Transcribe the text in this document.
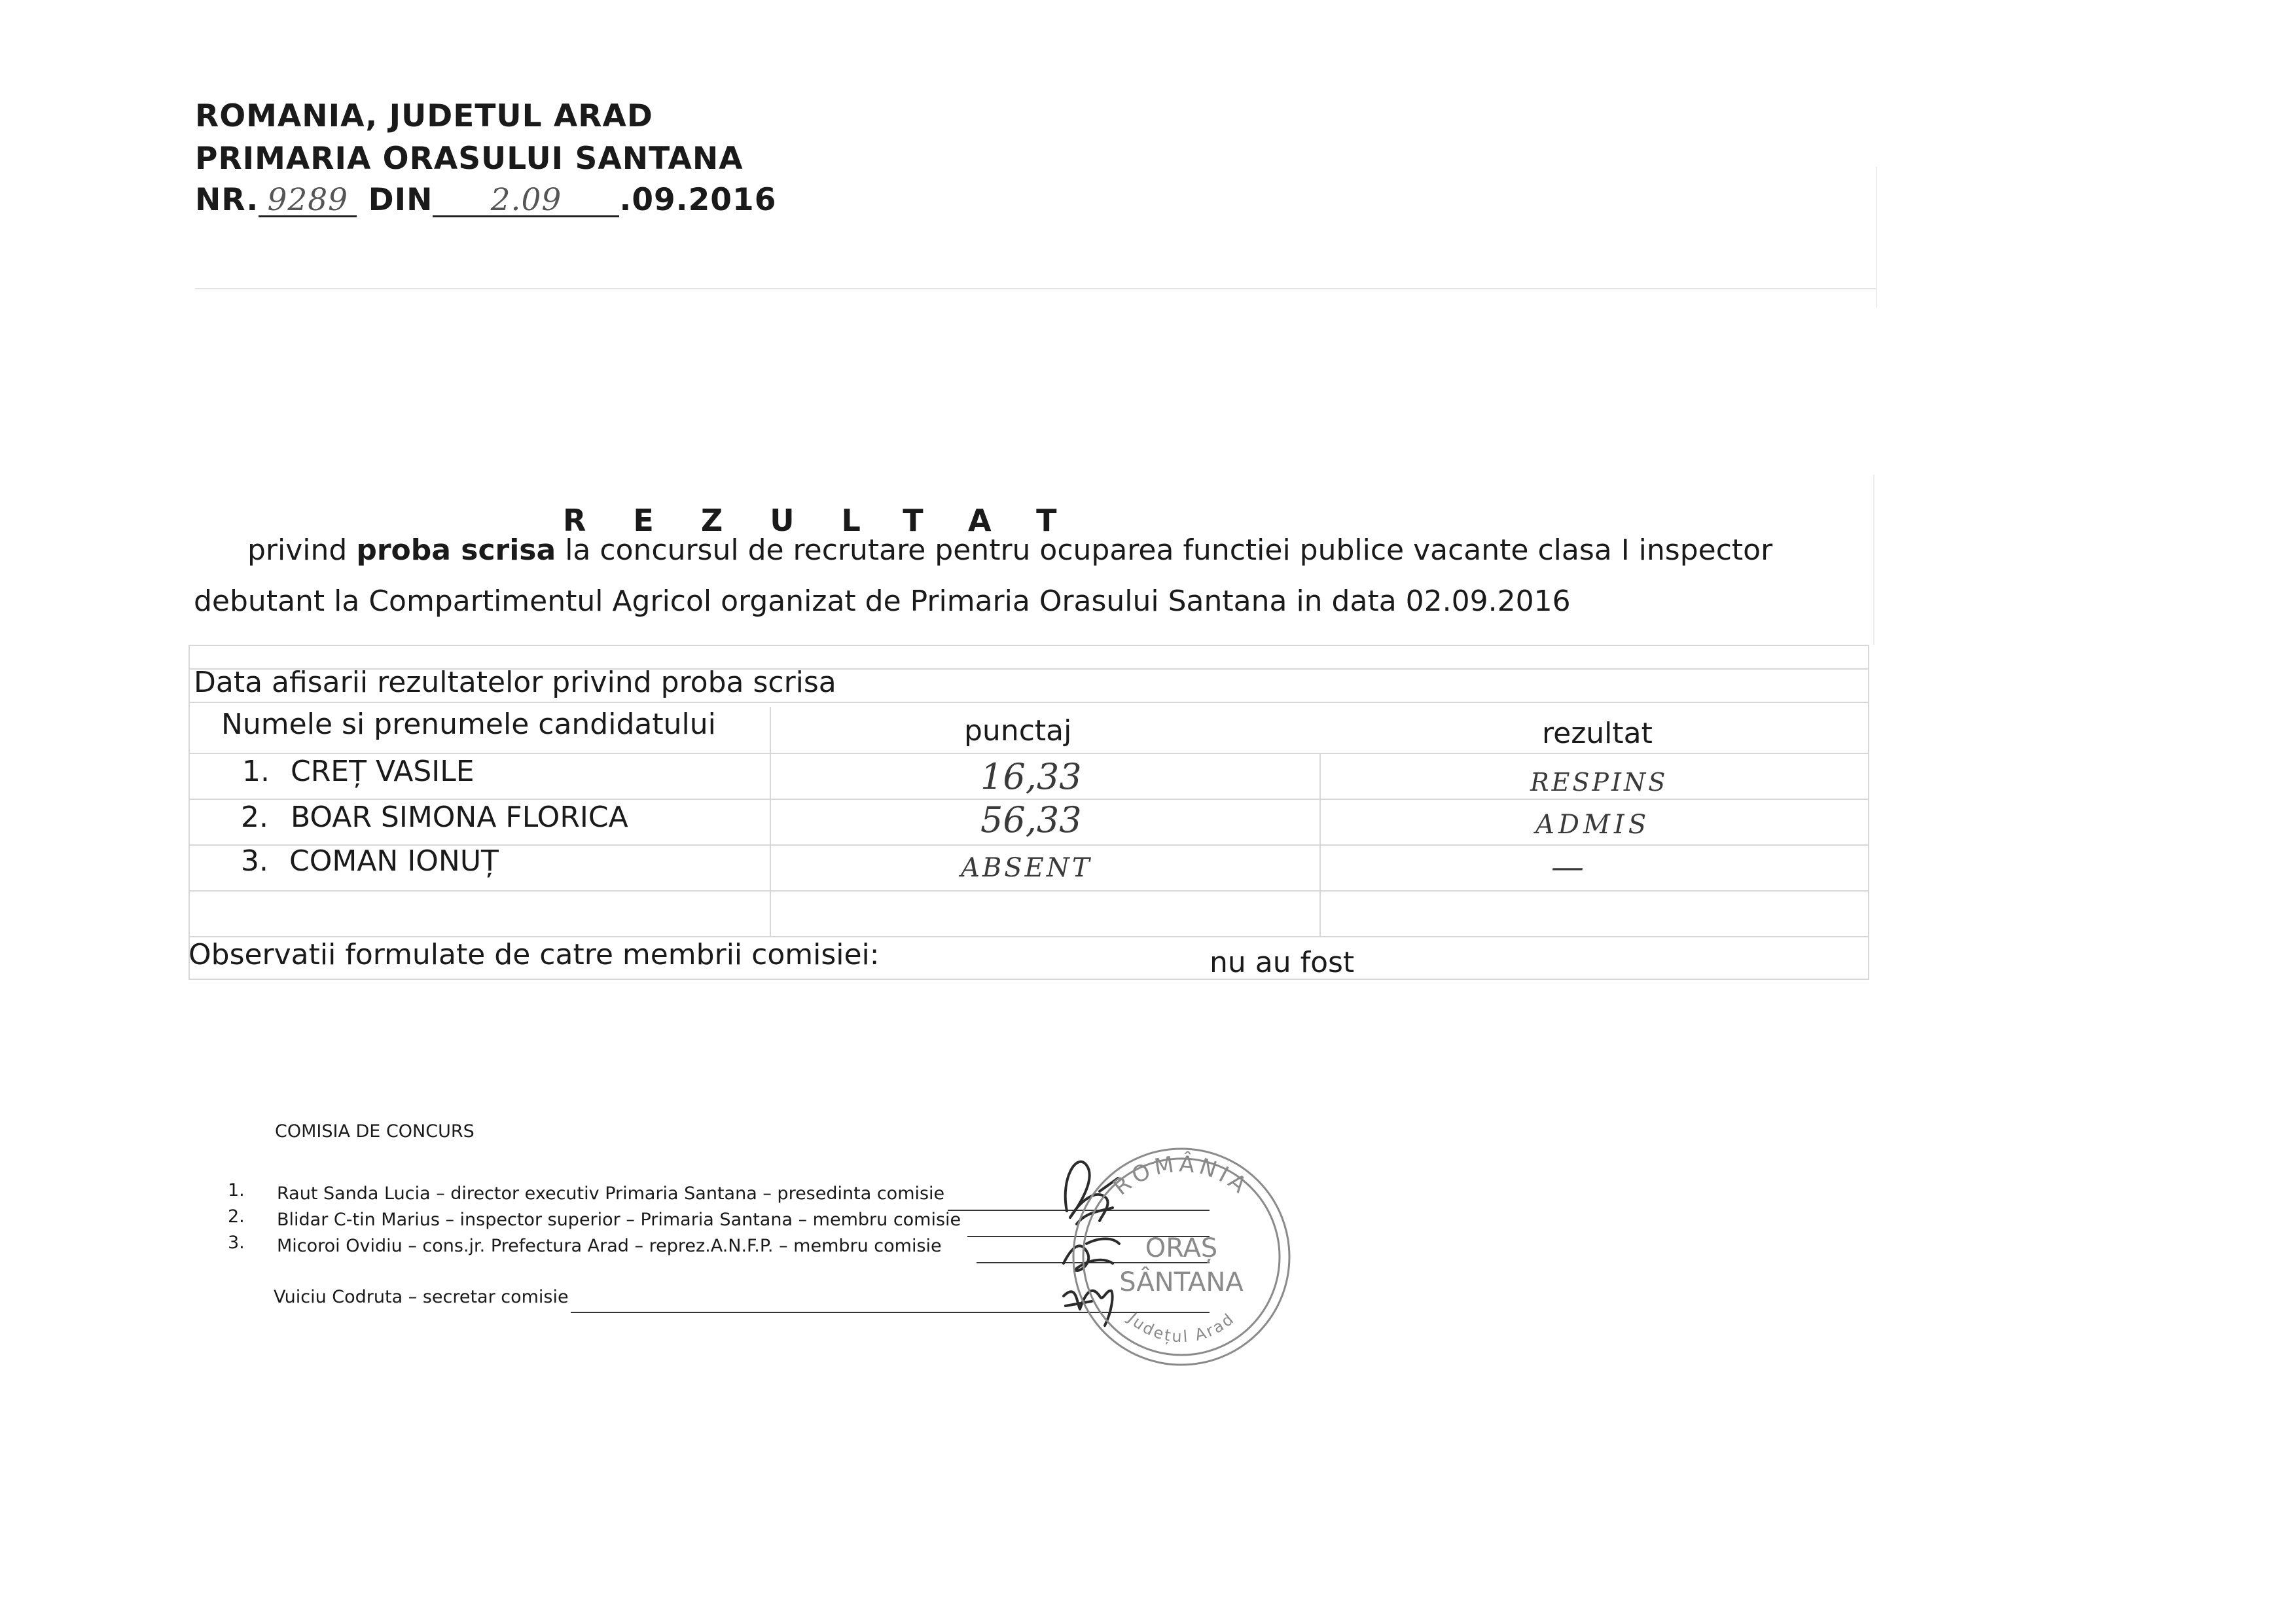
ROMANIA, JUDETUL ARAD
PRIMARIA ORASULUI SANTANA
NR. 9289 DIN 2.09 .09.2016
REZULTAT
privind proba scrisa la concursul de recrutare pentru ocuparea functiei publice vacante clasa I inspector
debutant la Compartimentul Agricol organizat de Primaria Orasului Santana in data 02.09.2016
Data afisarii rezultatelor privind proba scrisa
Numele si prenumele candidatului	punctaj	rezultat
1. CREȚ VASILE	16,33	RESPINS
2. BOAR SIMONA FLORICA	56,33	ADMIS
3. COMAN IONUȚ	ABSENT	—
Observatii formulate de catre membrii comisiei:	nu au fost
COMISIA DE CONCURS
1. Raut Sanda Lucia – director executiv Primaria Santana – presedinta comisie
2. Blidar C-tin Marius – inspector superior – Primaria Santana – membru comisie
3. Micoroi Ovidiu – cons.jr. Prefectura Arad – reprez.A.N.F.P. – membru comisie
Vuiciu Codruta – secretar comisie
ROMÂNIA
ORAȘ
SÂNTANA
Județul Arad
